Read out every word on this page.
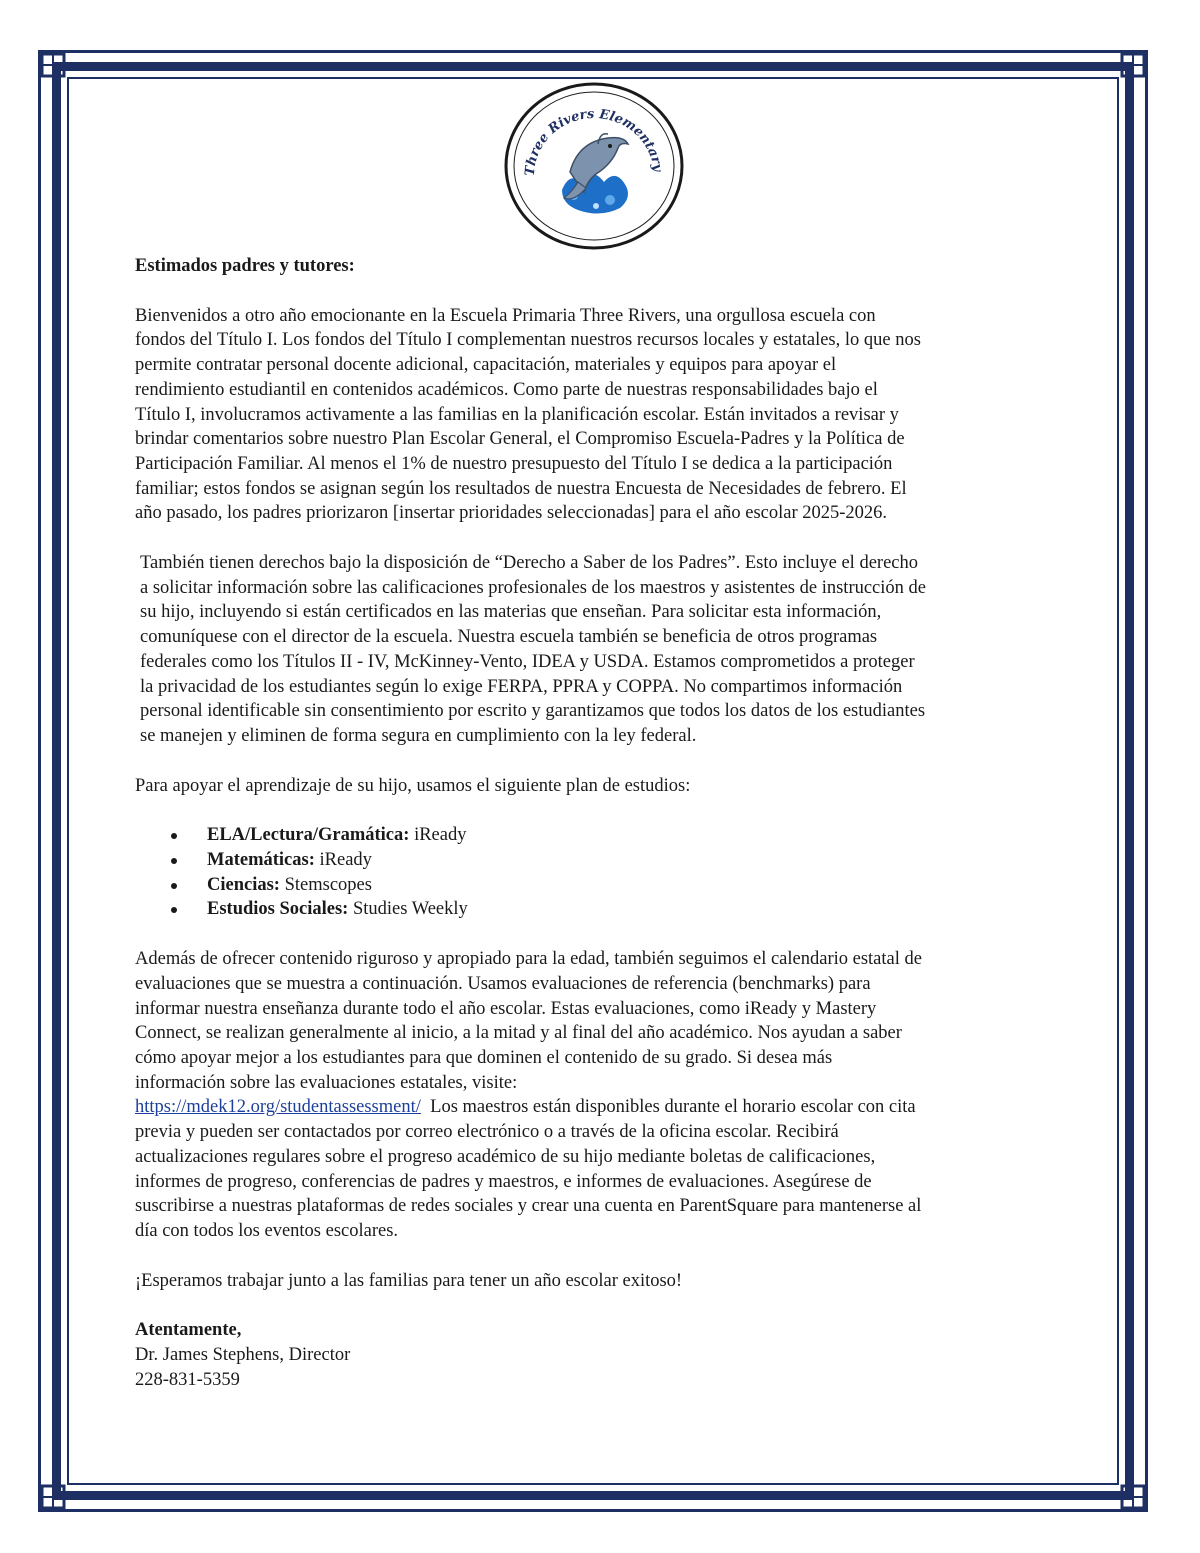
Three Rivers Elementary

Estimados padres y tutores:

Bienvenidos a otro año emocionante en la Escuela Primaria Three Rivers, una orgullosa escuela con

fondos del Título I. Los fondos del Título I complementan nuestros recursos locales y estatales, lo que nos

permite contratar personal docente adicional, capacitación, materiales y equipos para apoyar el

rendimiento estudiantil en contenidos académicos. Como parte de nuestras responsabilidades bajo el

Título I, involucramos activamente a las familias en la planificación escolar. Están invitados a revisar y

brindar comentarios sobre nuestro Plan Escolar General, el Compromiso Escuela-Padres y la Política de

Participación Familiar. Al menos el 1% de nuestro presupuesto del Título I se dedica a la participación

familiar; estos fondos se asignan según los resultados de nuestra Encuesta de Necesidades de febrero. El

año pasado, los padres priorizaron [insertar prioridades seleccionadas] para el año escolar 2025-2026.

También tienen derechos bajo la disposición de “Derecho a Saber de los Padres”. Esto incluye el derecho

a solicitar información sobre las calificaciones profesionales de los maestros y asistentes de instrucción de

su hijo, incluyendo si están certificados en las materias que enseñan. Para solicitar esta información,

comuníquese con el director de la escuela. Nuestra escuela también se beneficia de otros programas

federales como los Títulos II - IV, McKinney-Vento, IDEA y USDA. Estamos comprometidos a proteger

la privacidad de los estudiantes según lo exige FERPA, PPRA y COPPA. No compartimos información

personal identificable sin consentimiento por escrito y garantizamos que todos los datos de los estudiantes

se manejen y eliminen de forma segura en cumplimiento con la ley federal.

Para apoyar el aprendizaje de su hijo, usamos el siguiente plan de estudios:

ELA/Lectura/Gramática: iReady
Matemáticas: iReady
Ciencias: Stemscopes
Estudios Sociales: Studies Weekly

Además de ofrecer contenido riguroso y apropiado para la edad, también seguimos el calendario estatal de

evaluaciones que se muestra a continuación. Usamos evaluaciones de referencia (benchmarks) para

informar nuestra enseñanza durante todo el año escolar. Estas evaluaciones, como iReady y Mastery

Connect, se realizan generalmente al inicio, a la mitad y al final del año académico. Nos ayudan a saber

cómo apoyar mejor a los estudiantes para que dominen el contenido de su grado. Si desea más

información sobre las evaluaciones estatales, visite:

https://mdek12.org/studentassessment/  Los maestros están disponibles durante el horario escolar con cita

previa y pueden ser contactados por correo electrónico o a través de la oficina escolar. Recibirá

actualizaciones regulares sobre el progreso académico de su hijo mediante boletas de calificaciones,

informes de progreso, conferencias de padres y maestros, e informes de evaluaciones. Asegúrese de

suscribirse a nuestras plataformas de redes sociales y crear una cuenta en ParentSquare para mantenerse al

día con todos los eventos escolares.

¡Esperamos trabajar junto a las familias para tener un año escolar exitoso!

Atentamente,

Dr. James Stephens, Director

228-831-5359
